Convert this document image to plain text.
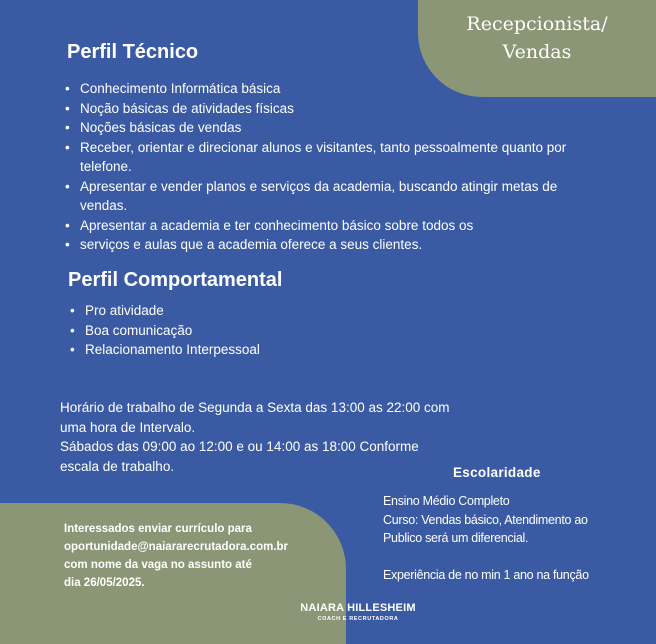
Recepcionista/
Vendas
Perfil Técnico
• Conhecimento Informática básica
• Noção básicas de atividades físicas
• Noções básicas de vendas
• Receber, orientar e direcionar alunos e visitantes, tanto pessoalmente quanto por telefone.
• Apresentar e vender planos e serviços da academia, buscando atingir metas de vendas.
• Apresentar a academia e ter conhecimento básico sobre todos os
• serviços e aulas que a academia oferece a seus clientes.
Perfil Comportamental
• Pro atividade
• Boa comunicação
• Relacionamento Interpessoal

Horário de trabalho de Segunda a Sexta das 13:00 as 22:00 com uma hora de Intervalo.

Sábados das 09:00 ao 12:00 e ou 14:00 as 18:00 Conforme escala de trabalho.

Interessados enviar currículo para
oportunidade@naiararecrutadora.com.br
com nome da vaga no assunto até
dia 26/05/2025.
Escolaridade
Ensino Médio Completo
Curso: Vendas básico, Atendimento ao
Publico será um diferencial.
Experiência de no min 1 ano na função
NAIARA HILLESHEIM
COACH E RECRUTADORA
